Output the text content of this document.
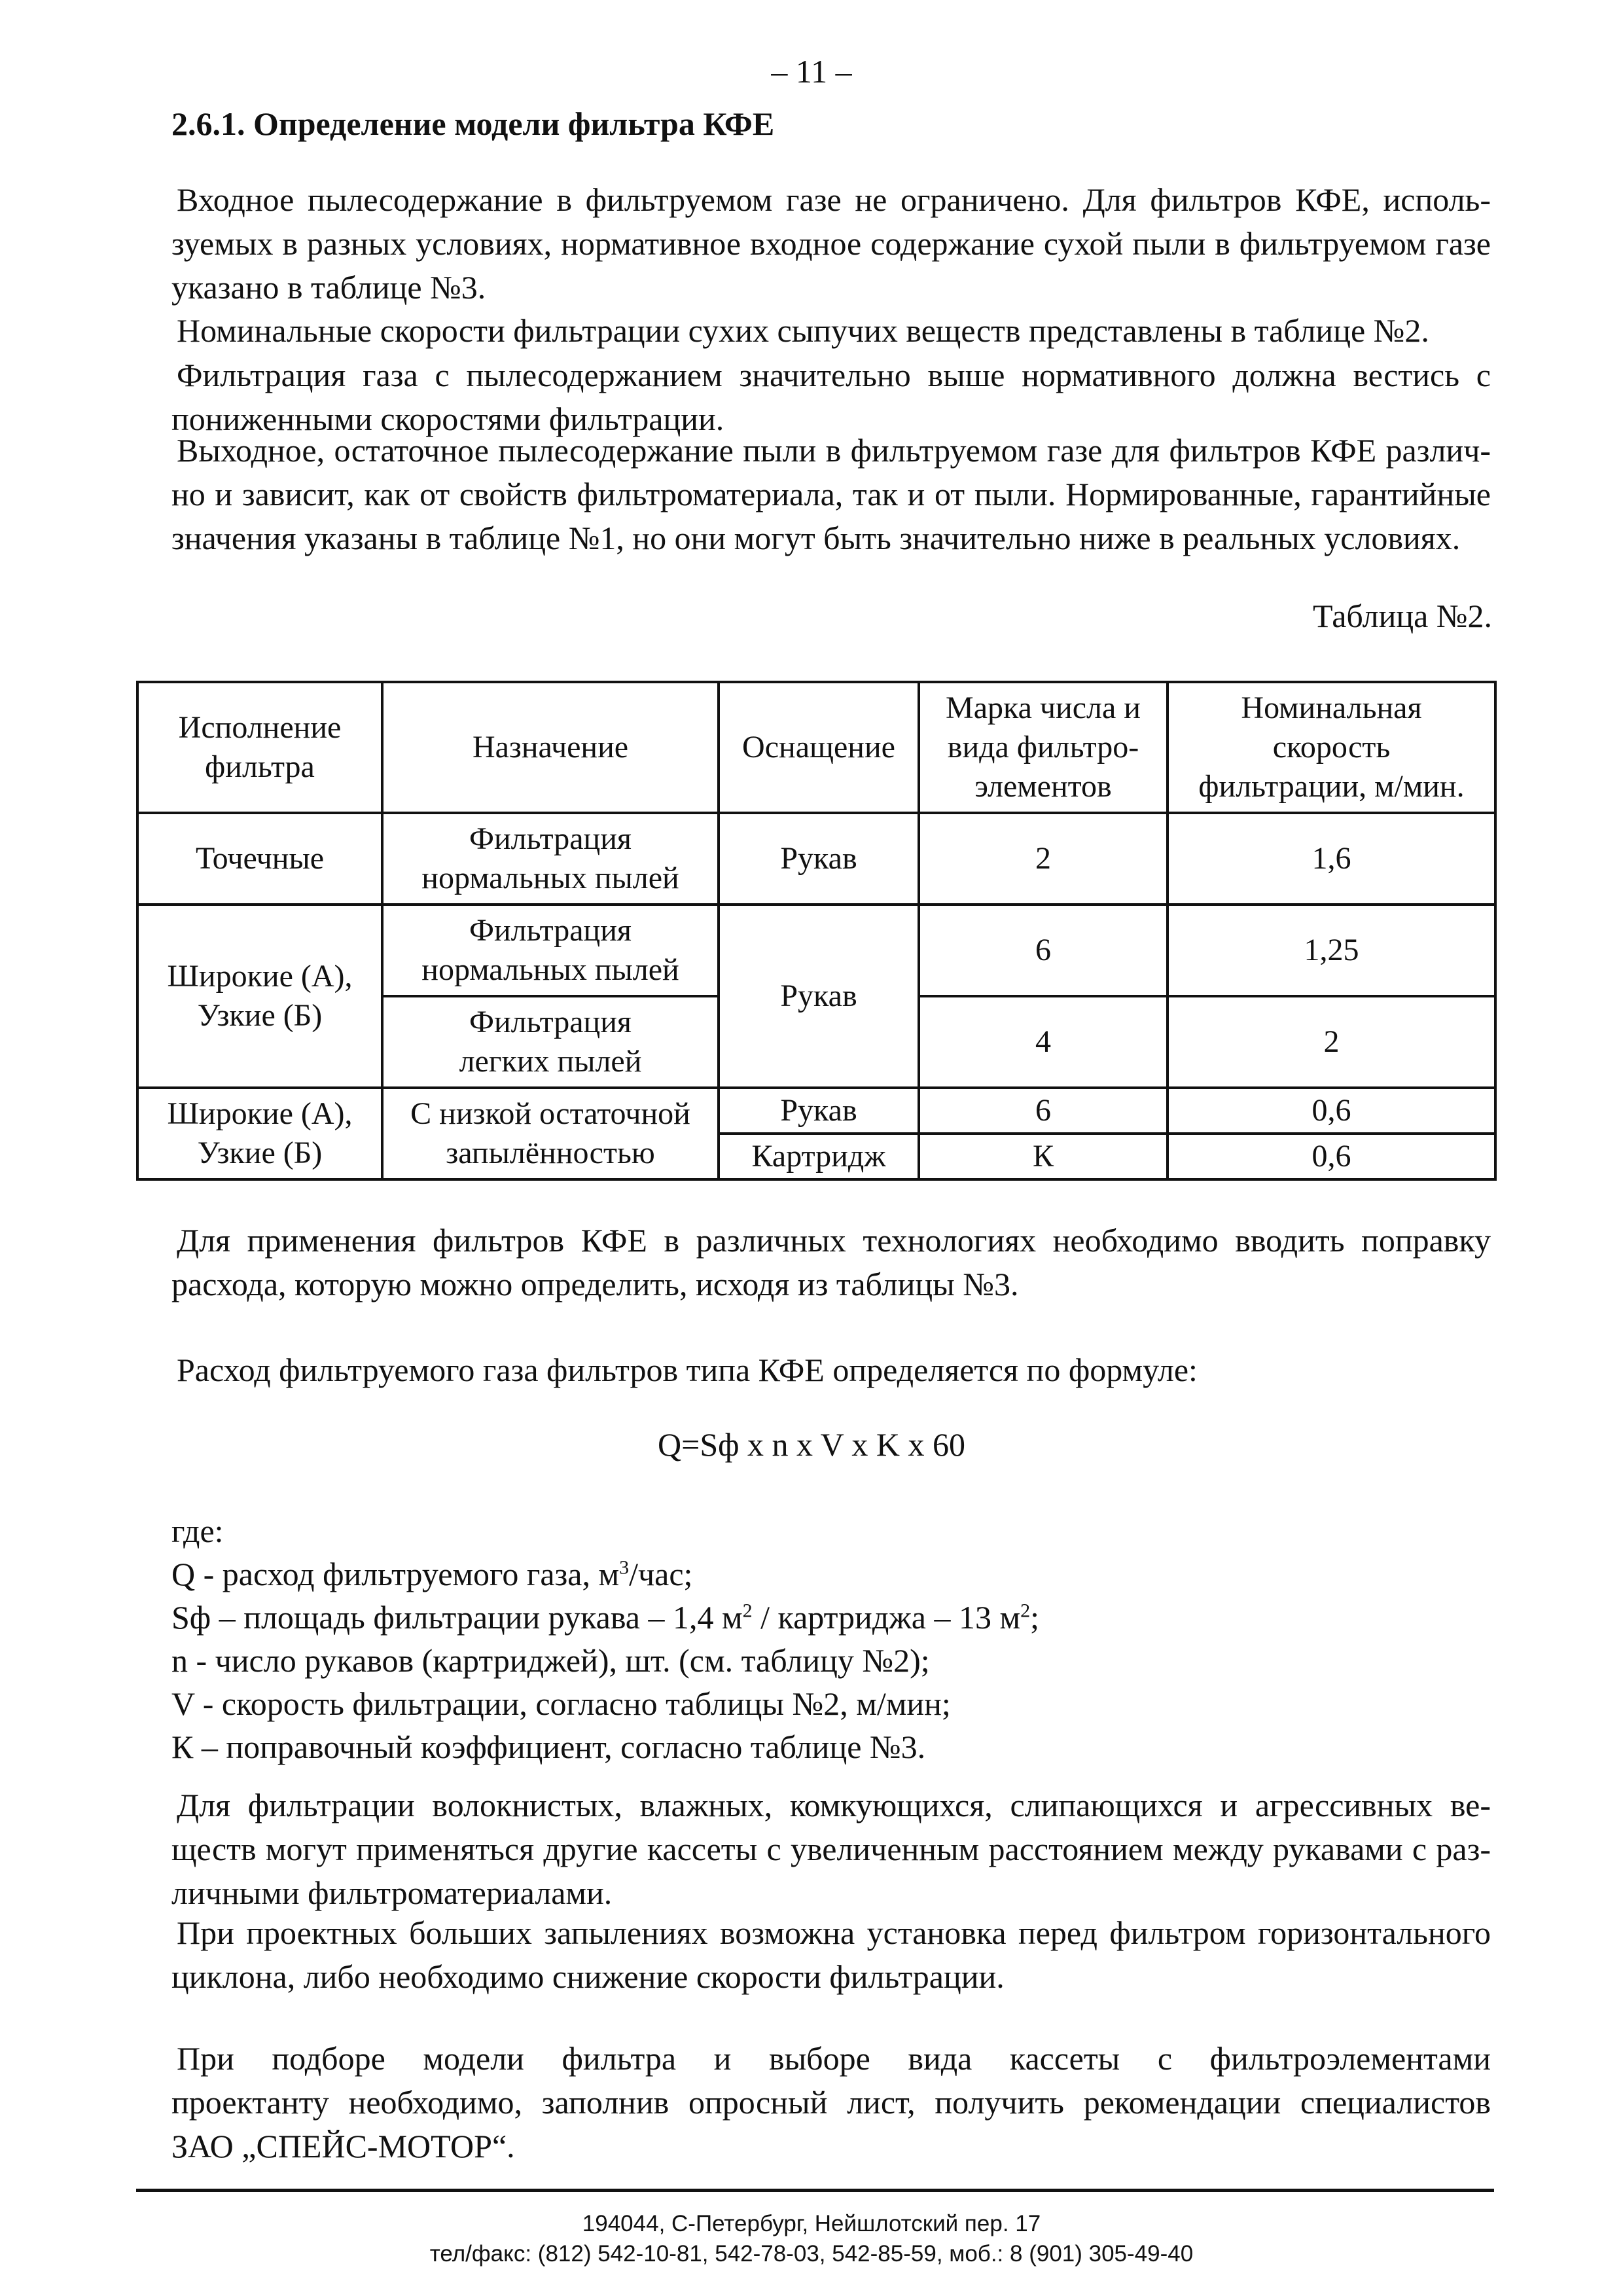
– 11 –
2.6.1. Определение модели фильтра КФЕ
Входное пылесодержание в фильтруемом газе не ограничено. Для фильтров КФЕ, исполь-
зуемых в разных условиях, нормативное входное содержание сухой пыли в фильтруемом газе
указано в таблице №3.
Номинальные скорости фильтрации сухих сыпучих веществ представлены в таблице №2.
Фильтрация газа с пылесодержанием значительно выше нормативного должна вестись с
пониженными скоростями фильтрации.
Выходное, остаточное пылесодержание пыли в фильтруемом газе для фильтров КФЕ различ-
но и зависит, как от свойств фильтроматериала, так и от пыли. Нормированные, гарантийные
значения указаны в таблице №1, но они могут быть значительно ниже в реальных условиях.
Таблица №2.
Исполнение
фильтра	Назначение	Оснащение	Марка числа и
вида фильтро-
элементов	Номинальная
скорость
фильтрации, м/мин.

Точечные	Фильтрация
нормальных пылей	Рукав	2	1,6

Широкие (А),
Узкие (Б)	Фильтрация
нормальных пылей	Рукав	6	1,25

	Фильтрация
легких пылей		4	2

Широкие (А),
Узкие (Б)	С низкой остаточной
запылённостью	Рукав	6	0,6
		Картридж	К	0,6
Для применения фильтров КФЕ в различных технологиях необходимо вводить поправку
расхода, которую можно определить, исходя из таблицы №3.
Расход фильтруемого газа фильтров типа КФЕ определяется по формуле:
Q=Sф x n x V x K x 60
где:
Q - расход фильтруемого газа, $м^3$/час;
Sф – площадь фильтрации рукава – 1,4 $м^2$ / картриджа – 13 $м^2$;
n - число рукавов (картриджей), шт. (см. таблицу №2);
V - скорость фильтрации, согласно таблицы №2, м/мин;
К – поправочный коэффициент, согласно таблице №3.
Для фильтрации волокнистых, влажных, комкующихся, слипающихся и агрессивных ве-
ществ могут применяться другие кассеты с увеличенным расстоянием между рукавами с раз-
личными фильтроматериалами.
При проектных больших запылениях возможна установка перед фильтром горизонтального
циклона, либо необходимо снижение скорости фильтрации.
При подборе модели фильтра и выборе вида кассеты с фильтроэлементами
проектанту необходимо, заполнив опросный лист, получить рекомендации специалистов
ЗАО „СПЕЙС-МОТОР“.
194044, С-Петербург, Нейшлотский пер. 17
тел/факс: (812) 542-10-81, 542-78-03, 542-85-59, моб.: 8 (901) 305-49-40
